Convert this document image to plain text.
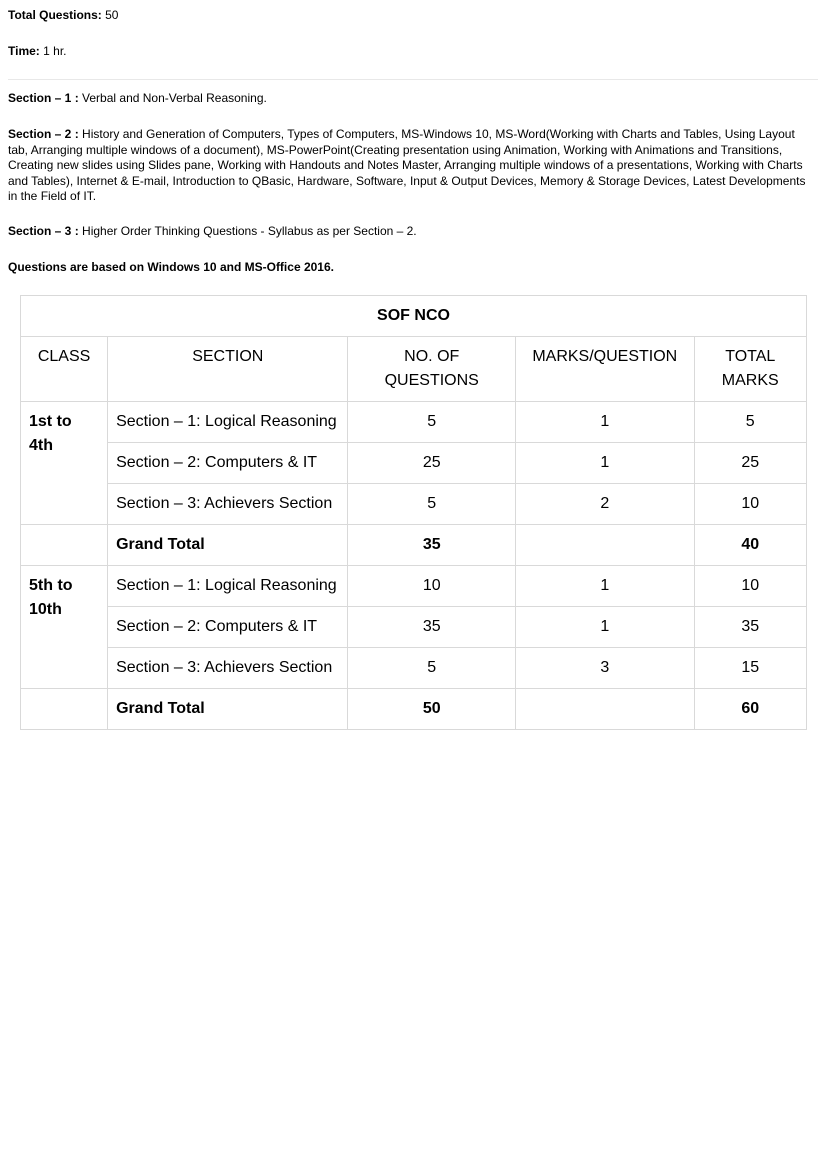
Total Questions: 50

Time: 1 hr.

Section – 1 : Verbal and Non-Verbal Reasoning.

Section – 2 : History and Generation of Computers, Types of Computers, MS-Windows 10, MS-Word(Working with Charts and Tables, Using Layout tab, Arranging multiple windows of a document), MS-PowerPoint(Creating presentation using Animation, Working with Animations and Transitions, Creating new slides using Slides pane, Working with Handouts and Notes Master, Arranging multiple windows of a presentations, Working with Charts and Tables), Internet & E-mail, Introduction to QBasic, Hardware, Software, Input & Output Devices, Memory & Storage Devices, Latest Developments in the Field of IT.

Section – 3 : Higher Order Thinking Questions - Syllabus as per Section – 2.

Questions are based on Windows 10 and MS-Office 2016.

SOF NCO				
CLASS	SECTION	NO. OF QUESTIONS	MARKS/QUESTION	TOTAL MARKS
1st to 4th	Section – 1: Logical Reasoning	5	1	5
	Section – 2: Computers & IT	25	1	25
	Section – 3: Achievers Section	5	2	10
	Grand Total	35		40
5th to 10th	Section – 1: Logical Reasoning	10	1	10
	Section – 2: Computers & IT	35	1	35
	Section – 3: Achievers Section	5	3	15
	Grand Total	50		60
